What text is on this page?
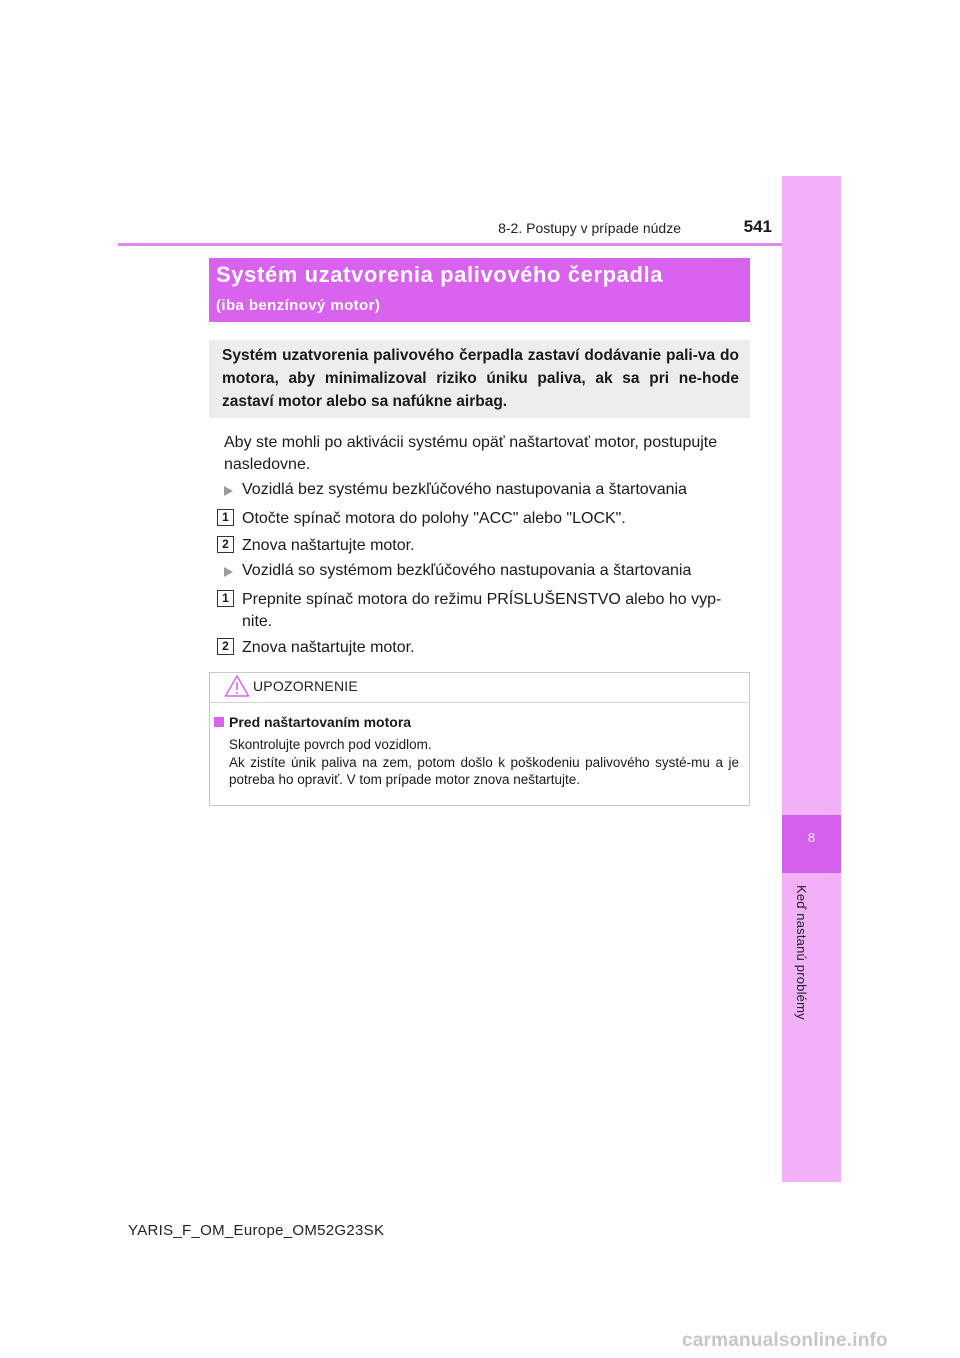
8-2. Postupy v prípade núdze	541
8
Keď nastanú problémy
Systém uzatvorenia palivového čerpadla
(iba benzínový motor)
Systém uzatvorenia palivového čerpadla zastaví dodávanie pali-va do motora, aby minimalizoval riziko úniku paliva, ak sa pri ne-hode zastaví motor alebo sa nafúkne airbag.
Aby ste mohli po aktivácii systému opäť naštartovať motor, postupujte nasledovne.
Vozidlá bez systému bezkľúčového nastupovania a štartovania
1 Otočte spínač motora do polohy "ACC" alebo "LOCK".
2 Znova naštartujte motor.
Vozidlá so systémom bezkľúčového nastupovania a štartovania
1 Prepnite spínač motora do režimu PRÍSLUŠENSTVO alebo ho vyp-nite.
2 Znova naštartujte motor.
UPOZORNENIE
Pred naštartovaním motora
Skontrolujte povrch pod vozidlom.
Ak zistíte únik paliva na zem, potom došlo k poškodeniu palivového systé-mu a je potreba ho opraviť. V tom prípade motor znova neštartujte.
YARIS_F_OM_Europe_OM52G23SK
carmanualsonline.info
